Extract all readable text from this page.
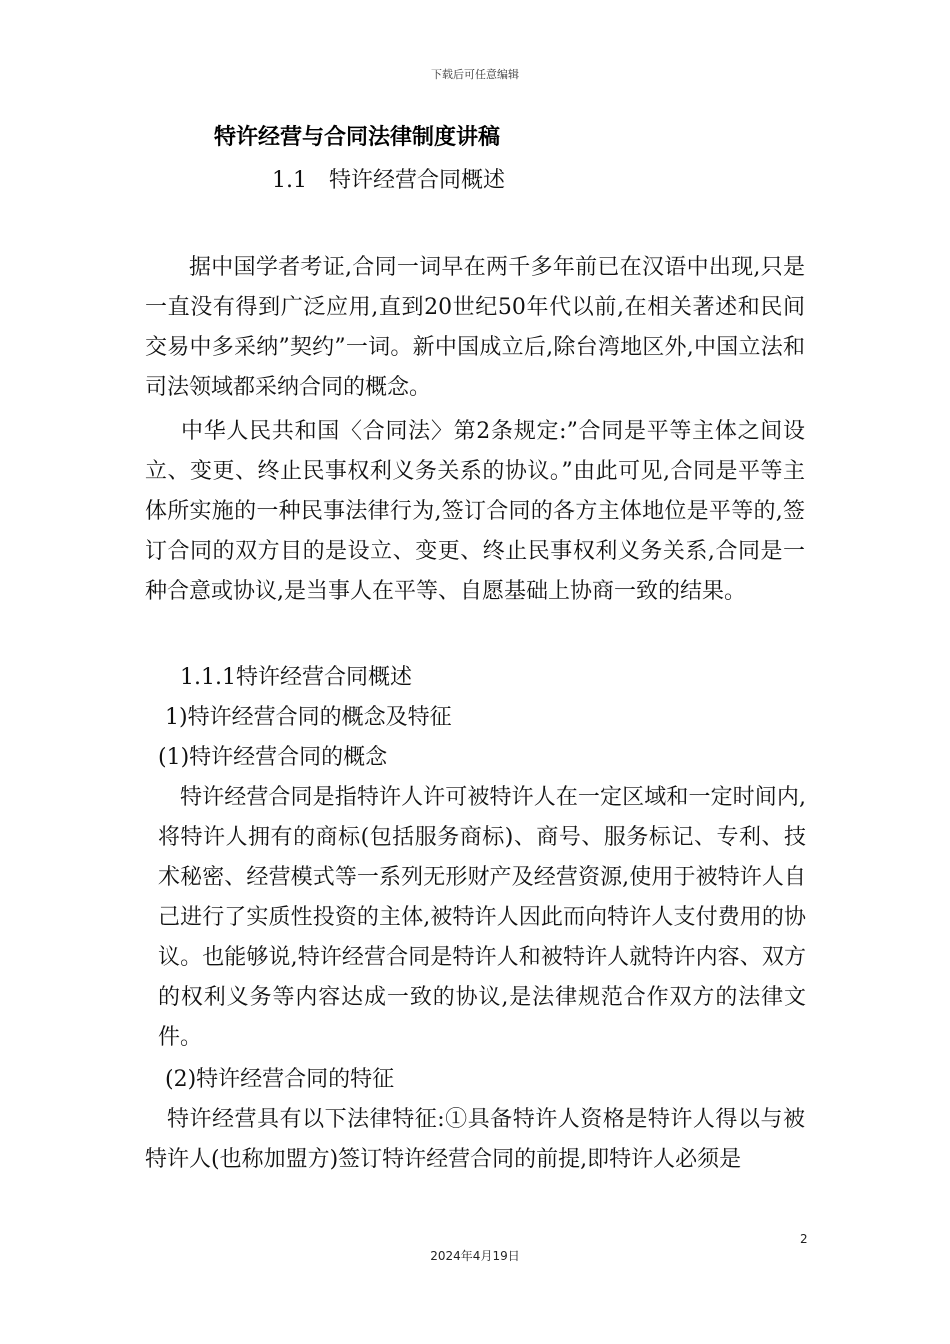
下载后可任意编辑
特许经营与合同法律制度讲稿
1.1　特许经营合同概述
据中国学者考证,合同一词早在两千多年前已在汉语中出现,只是一直没有得到广泛应用,直到20世纪50年代以前,在相关著述和民间交易中多采纳”契约”一词。新中国成立后,除台湾地区外,中国立法和司法领域都采纳合同的概念。
中华人民共和国〈合同法〉第2条规定:”合同是平等主体之间设立、变更、终止民事权利义务关系的协议。”由此可见,合同是平等主体所实施的一种民事法律行为,签订合同的各方主体地位是平等的,签订合同的双方目的是设立、变更、终止民事权利义务关系,合同是一种合意或协议,是当事人在平等、自愿基础上协商一致的结果。
1.1.1特许经营合同概述
1)特许经营合同的概念及特征
(1)特许经营合同的概念
特许经营合同是指特许人许可被特许人在一定区域和一定时间内,将特许人拥有的商标(包括服务商标)、商号、服务标记、专利、技术秘密、经营模式等一系列无形财产及经营资源,使用于被特许人自己进行了实质性投资的主体,被特许人因此而向特许人支付费用的协议。也能够说,特许经营合同是特许人和被特许人就特许内容、双方的权利义务等内容达成一致的协议,是法律规范合作双方的法律文件。
(2)特许经营合同的特征
特许经营具有以下法律特征:①具备特许人资格是特许人得以与被特许人(也称加盟方)签订特许经营合同的前提,即特许人必须是
2
2024年4月19日
